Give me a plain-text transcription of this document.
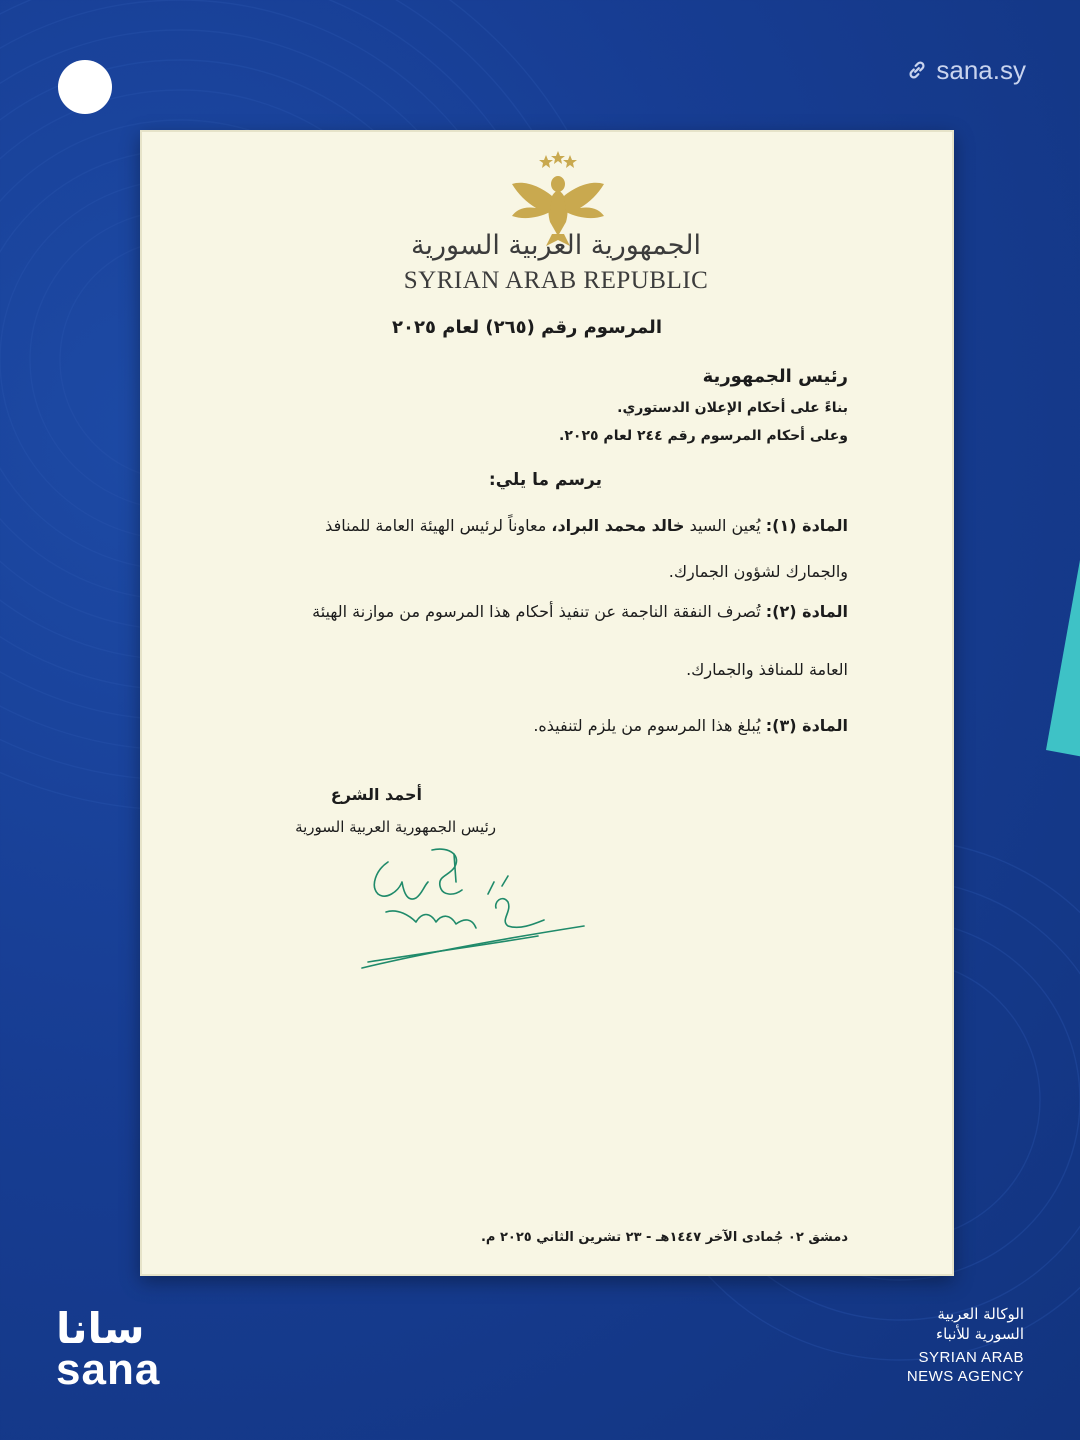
sana.sy
الجمهورية العربية السورية
SYRIAN ARAB REPUBLIC
المرسوم رقم (٢٦٥) لعام ٢٠٢٥
رئيس الجمهورية
بناءً على أحكام الإعلان الدستوري.
وعلى أحكام المرسوم رقم ٢٤٤ لعام ٢٠٢٥.
يرسم ما يلي:
المادة (١): يُعين السيد خالد محمد البراد، معاوناً لرئيس الهيئة العامة للمنافذ
والجمارك لشؤون الجمارك.
المادة (٢): تُصرف النفقة الناجمة عن تنفيذ أحكام هذا المرسوم من موازنة الهيئة
العامة للمنافذ والجمارك.
المادة (٣): يُبلغ هذا المرسوم من يلزم لتنفيذه.
أحمد الشرع
رئيس الجمهورية العربية السورية
دمشق ٠٢ جُمادى الآخر ١٤٤٧هـ - ٢٣ تشرين الثاني ٢٠٢٥ م.
سانا
sana
الوكالة العربية
السورية للأنباء
SYRIAN ARAB
NEWS AGENCY
